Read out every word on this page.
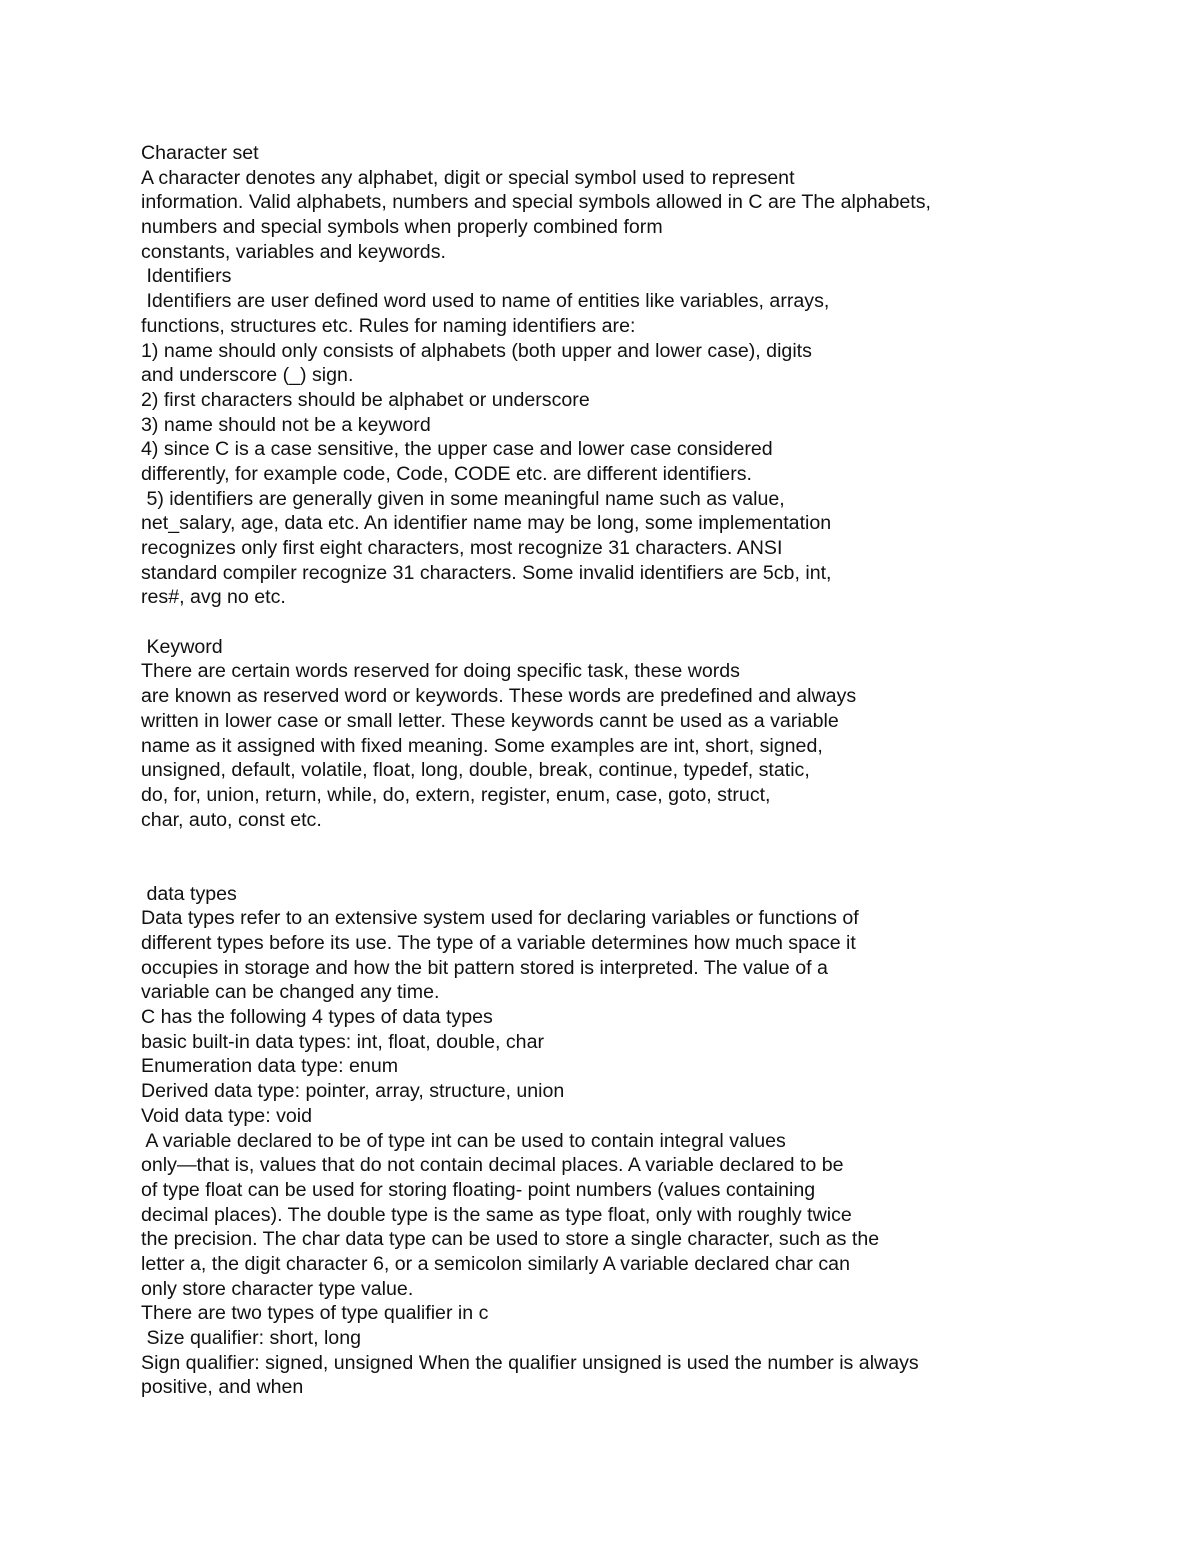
Character set
A character denotes any alphabet, digit or special symbol used to represent
information. Valid alphabets, numbers and special symbols allowed in C are The alphabets,
numbers and special symbols when properly combined form
constants, variables and keywords.
Identifiers
Identifiers are user defined word used to name of entities like variables, arrays,
functions, structures etc. Rules for naming identifiers are:
1) name should only consists of alphabets (both upper and lower case), digits
and underscore (_) sign.
2) first characters should be alphabet or underscore
3) name should not be a keyword
4) since C is a case sensitive, the upper case and lower case considered
differently, for example code, Code, CODE etc. are different identifiers.
5) identifiers are generally given in some meaningful name such as value,
net_salary, age, data etc. An identifier name may be long, some implementation
recognizes only first eight characters, most recognize 31 characters. ANSI
standard compiler recognize 31 characters. Some invalid identifiers are 5cb, int,
res#, avg no etc.
Keyword
There are certain words reserved for doing specific task, these words
are known as reserved word or keywords. These words are predefined and always
written in lower case or small letter. These keywords cannt be used as a variable
name as it assigned with fixed meaning. Some examples are int, short, signed,
unsigned, default, volatile, float, long, double, break, continue, typedef, static,
do, for, union, return, while, do, extern, register, enum, case, goto, struct,
char, auto, const etc.
data types
Data types refer to an extensive system used for declaring variables or functions of
different types before its use. The type of a variable determines how much space it
occupies in storage and how the bit pattern stored is interpreted. The value of a
variable can be changed any time.
C has the following 4 types of data types
basic built-in data types: int, float, double, char
Enumeration data type: enum
Derived data type: pointer, array, structure, union
Void data type: void
A variable declared to be of type int can be used to contain integral values
only—that is, values that do not contain decimal places. A variable declared to be
of type float can be used for storing floating- point numbers (values containing
decimal places). The double type is the same as type float, only with roughly twice
the precision. The char data type can be used to store a single character, such as the
letter a, the digit character 6, or a semicolon similarly A variable declared char can
only store character type value.
There are two types of type qualifier in c
Size qualifier: short, long
Sign qualifier: signed, unsigned When the qualifier unsigned is used the number is always
positive, and when
